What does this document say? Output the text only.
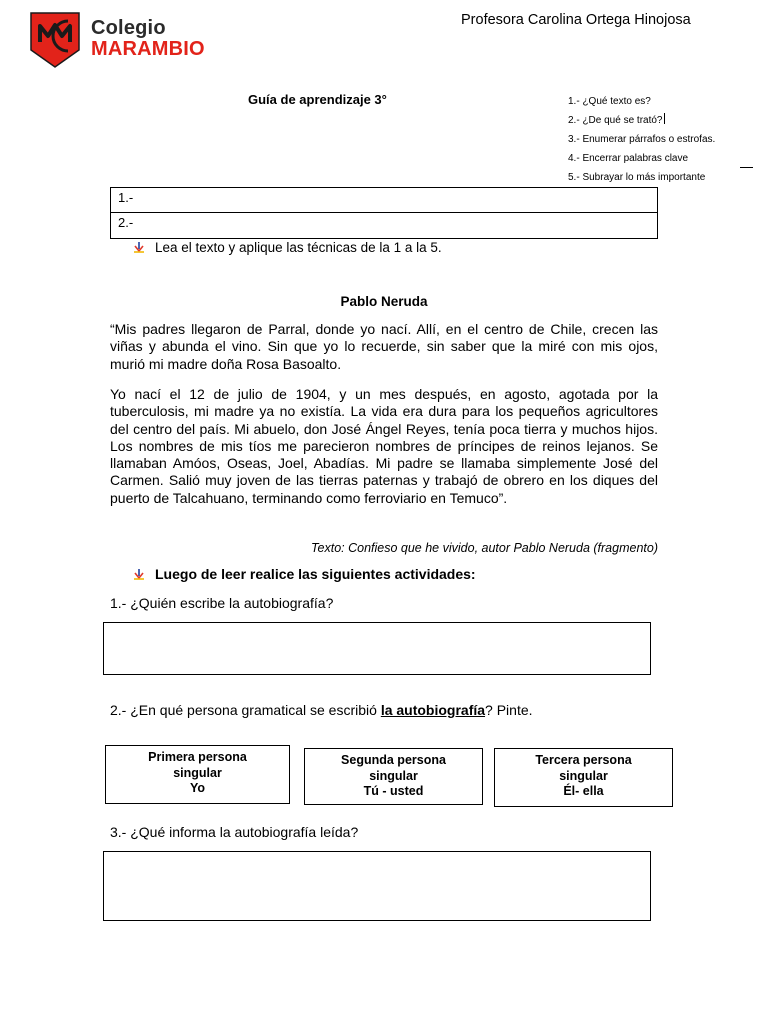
Colegio
MARAMBIO
Profesora Carolina Ortega Hinojosa
Guía de aprendizaje 3°	1.- ¿Qué texto es?
2.- ¿De qué se trató?
3.- Enumerar párrafos o estrofas.
4.- Encerrar palabras clave
5.- Subrayar lo más importante
1.-
2.-
Lea el texto y aplique las técnicas de la 1 a la 5.
Pablo Neruda
“Mis padres llegaron de Parral, donde yo nací. Allí, en el centro de Chile, crecen las viñas y abunda el vino. Sin que yo lo recuerde, sin saber que la miré con mis ojos, murió mi madre doña Rosa Basoalto.
Yo nací el 12 de julio de 1904, y un mes después, en agosto, agotada por la tuberculosis, mi madre ya no existía. La vida era dura para los pequeños agricultores del centro del país. Mi abuelo, don José Ángel Reyes, tenía poca tierra y muchos hijos. Los nombres de mis tíos me parecieron nombres de príncipes de reinos lejanos. Se llamaban Amóos, Oseas, Joel, Abadías. Mi padre se llamaba simplemente José del Carmen. Salió muy joven de las tierras paternas y trabajó de obrero en los diques del puerto de Talcahuano, terminando como ferroviario en Temuco”.
Texto: Confieso que he vivido, autor Pablo Neruda (fragmento)
Luego de leer realice las siguientes actividades:
1.- ¿Quién escribe la autobiografía?
2.- ¿En qué persona gramatical se escribió la autobiografía? Pinte.
Primera persona
singular
Yo
Segunda persona
singular
Tú - usted
Tercera persona
singular
Él- ella
3.- ¿Qué informa la autobiografía leída?
